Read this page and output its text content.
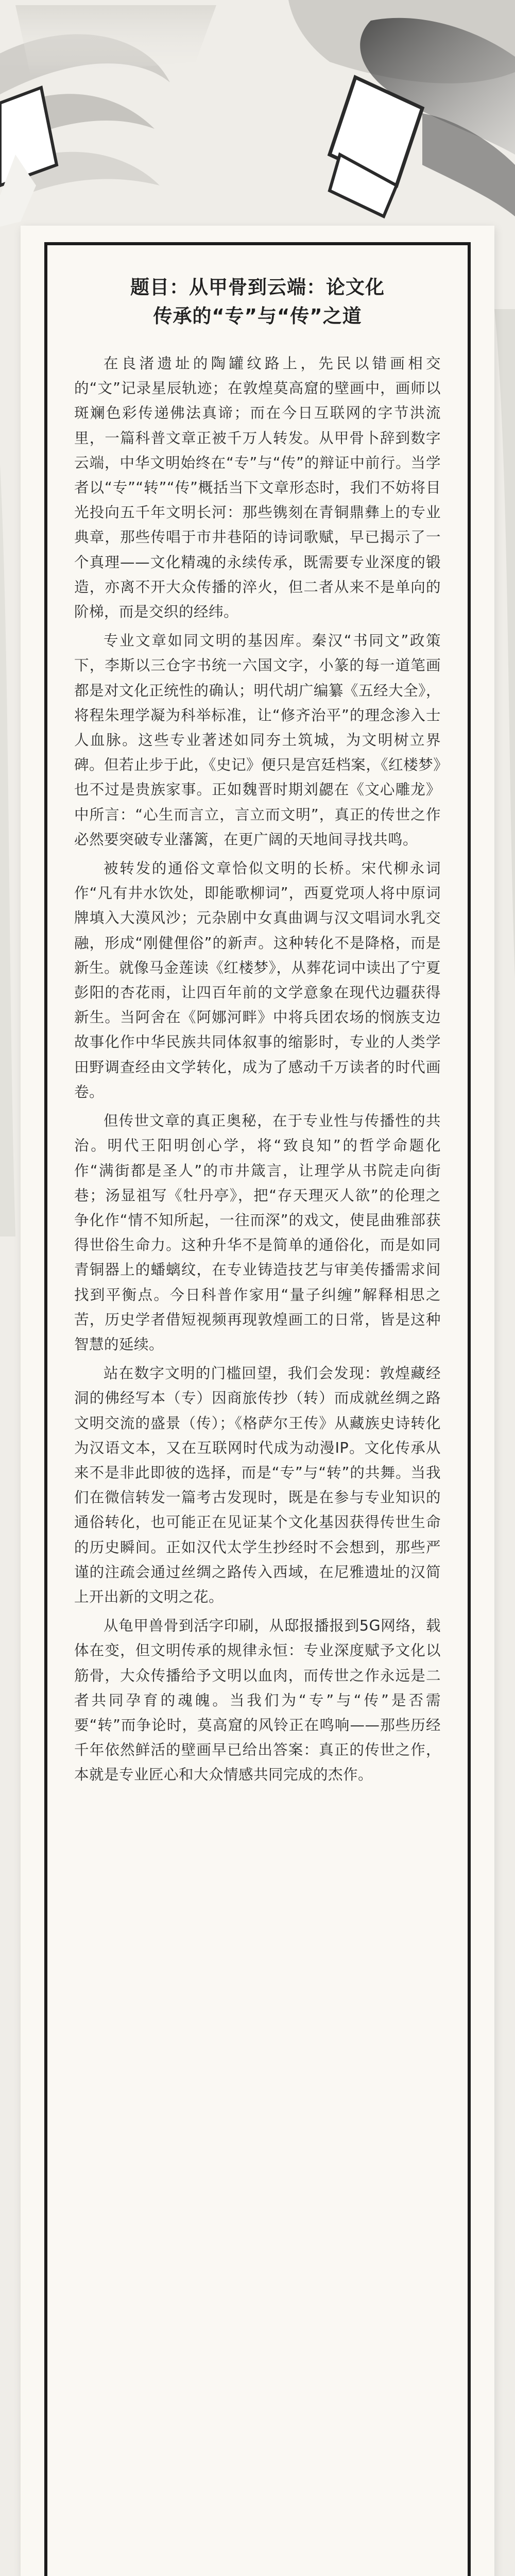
题目：从甲骨到云端：论文化
传承的“专”与“传”之道

在良渚遗址的陶罐纹路上，先民以错画相交的“文”记录星辰轨迹；在敦煌莫高窟的壁画中，画师以斑斓色彩传递佛法真谛；而在今日互联网的字节洪流里，一篇科普文章正被千万人转发。从甲骨卜辞到数字云端，中华文明始终在“专”与“传”的辩证中前行。当学者以“专”“转”“传”概括当下文章形态时，我们不妨将目光投向五千年文明长河：那些镌刻在青铜鼎彝上的专业典章，那些传唱于市井巷陌的诗词歌赋，早已揭示了一个真理——文化精魂的永续传承，既需要专业深度的锻造，亦离不开大众传播的淬火，但二者从来不是单向的阶梯，而是交织的经纬。

专业文章如同文明的基因库。秦汉“书同文”政策下，李斯以三仓字书统一六国文字，小篆的每一道笔画都是对文化正统性的确认；明代胡广编纂《五经大全》，将程朱理学凝为科举标准，让“修齐治平”的理念渗入士人血脉。这些专业著述如同夯土筑城，为文明树立界碑。但若止步于此，《史记》便只是宫廷档案，《红楼梦》也不过是贵族家事。正如魏晋时期刘勰在《文心雕龙》中所言：“心生而言立，言立而文明”，真正的传世之作必然要突破专业藩篱，在更广阔的天地间寻找共鸣。

被转发的通俗文章恰似文明的长桥。宋代柳永词作“凡有井水饮处，即能歌柳词”，西夏党项人将中原词牌填入大漠风沙；元杂剧中女真曲调与汉文唱词水乳交融，形成“刚健俚俗”的新声。这种转化不是降格，而是新生。就像马金莲读《红楼梦》，从葬花词中读出了宁夏彭阳的杏花雨，让四百年前的文学意象在现代边疆获得新生。当阿舍在《阿娜河畔》中将兵团农场的悯族支边故事化作中华民族共同体叙事的缩影时，专业的人类学田野调查经由文学转化，成为了感动千万读者的时代画卷。

但传世文章的真正奥秘，在于专业性与传播性的共治。明代王阳明创心学，将“致良知”的哲学命题化作“满街都是圣人”的市井箴言，让理学从书院走向街巷；汤显祖写《牡丹亭》，把“存天理灭人欲”的伦理之争化作“情不知所起，一往而深”的戏文，使昆曲雅部获得世俗生命力。这种升华不是简单的通俗化，而是如同青铜器上的蟠螭纹，在专业铸造技艺与审美传播需求间找到平衡点。今日科普作家用“量子纠缠”解释相思之苦，历史学者借短视频再现敦煌画工的日常，皆是这种智慧的延续。

站在数字文明的门槛回望，我们会发现：敦煌藏经洞的佛经写本（专）因商旅传抄（转）而成就丝绸之路文明交流的盛景（传）；《格萨尔王传》从藏族史诗转化为汉语文本，又在互联网时代成为动漫IP。文化传承从来不是非此即彼的选择，而是“专”与“转”的共舞。当我们在微信转发一篇考古发现时，既是在参与专业知识的通俗转化，也可能正在见证某个文化基因获得传世生命的历史瞬间。正如汉代太学生抄经时不会想到，那些严谨的注疏会通过丝绸之路传入西域，在尼雅遗址的汉简上开出新的文明之花。

从龟甲兽骨到活字印刷，从邸报播报到5G网络，载体在变，但文明传承的规律永恒：专业深度赋予文化以筋骨，大众传播给予文明以血肉，而传世之作永远是二者共同孕育的魂魄。当我们为“专”与“传”是否需要“转”而争论时，莫高窟的风铃正在鸣响——那些历经千年依然鲜活的壁画早已给出答案：真正的传世之作，本就是专业匠心和大众情感共同完成的杰作。
